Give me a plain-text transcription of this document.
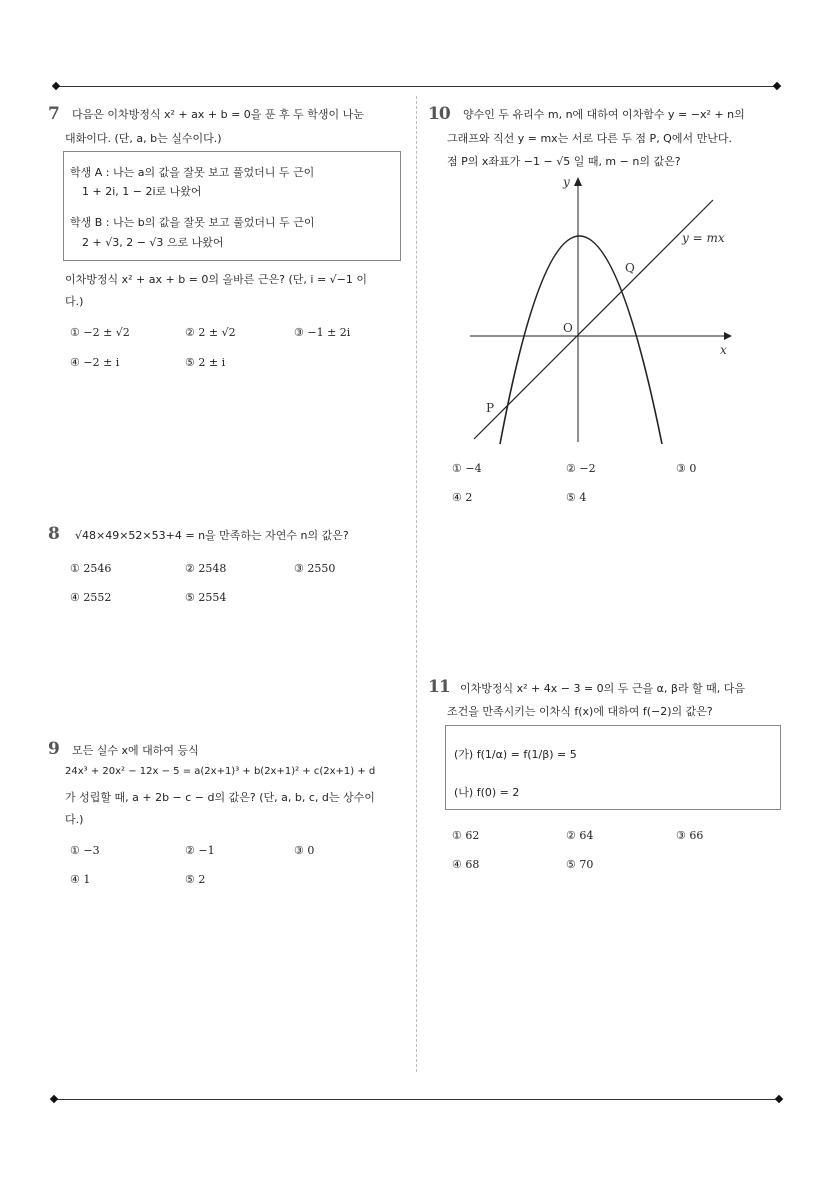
7 다음은 이차방정식 x² + ax + b = 0을 푼 후 두 학생이 나눈
대화이다. (단, a, b는 실수이다.)
학생 A : 나는 a의 값을 잘못 보고 풀었더니 두 근이
1 + 2i, 1 − 2i로 나왔어
학생 B : 나는 b의 값을 잘못 보고 풀었더니 두 근이
2 + √3, 2 − √3 으로 나왔어
이차방정식 x² + ax + b = 0의 올바른 근은? (단, i = √−1 이
다.)
① −2 ± √2	② 2 ± √2	③ −1 ± 2i
④ −2 ± i	⑤ 2 ± i
8 √48×49×52×53+4 = n을 만족하는 자연수 n의 값은?
① 2546	② 2548	③ 2550
④ 2552	⑤ 2554
9 모든 실수 x에 대하여 등식
24x³ + 20x² − 12x − 5 = a(2x+1)³ + b(2x+1)² + c(2x+1) + d
가 성립할 때, a + 2b − c − d의 값은? (단, a, b, c, d는 상수이
다.)
① −3	② −1	③ 0
④ 1	⑤ 2
10 양수인 두 유리수 m, n에 대하여 이차함수 y = −x² + n의
그래프와 직선 y = mx는 서로 다른 두 점 P, Q에서 만난다.
점 P의 x좌표가 −1 − √5 일 때, m − n의 값은?
y
x
O
y = mx
P
Q
① −4	② −2	③ 0
④ 2	⑤ 4
11 이차방정식 x² + 4x − 3 = 0의 두 근을 α, β라 할 때, 다음
조건을 만족시키는 이차식 f(x)에 대하여 f(−2)의 값은?
(가) f(1/α) = f(1/β) = 5
(나) f(0) = 2
① 62	② 64	③ 66
④ 68	⑤ 70
